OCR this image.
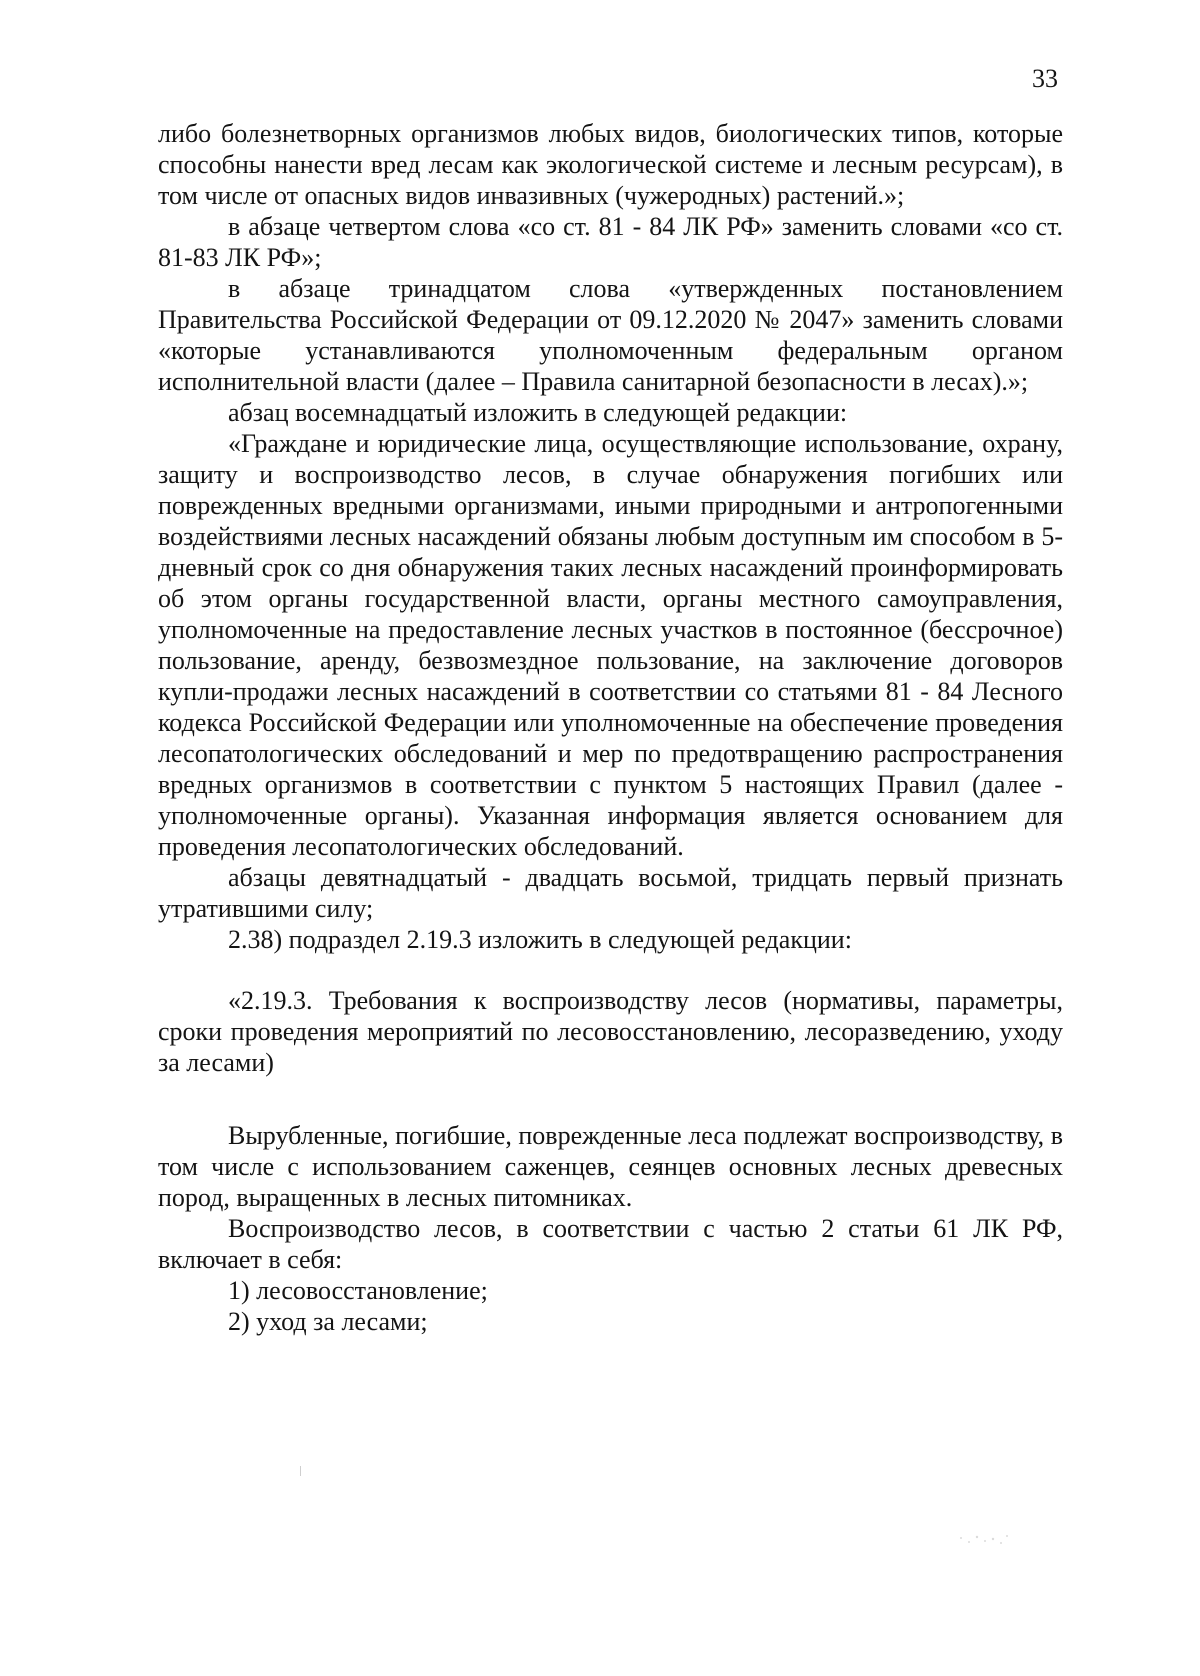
33

либо болезнетворных организмов любых видов, биологических типов, которые способны нанести вред лесам как экологической системе и лесным ресурсам), в том числе от опасных видов инвазивных (чужеродных) растений.»;

в абзаце четвертом слова «со ст. 81 - 84 ЛК РФ» заменить словами «со ст. 81-83 ЛК РФ»;

в абзаце тринадцатом слова «утвержденных постановлением Правительства Российской Федерации от 09.12.2020 № 2047» заменить словами «которые устанавливаются уполномоченным федеральным органом исполнительной власти (далее – Правила санитарной безопасности в лесах).»;

абзац восемнадцатый изложить в следующей редакции:

«Граждане и юридические лица, осуществляющие использование, охрану, защиту и воспроизводство лесов, в случае обнаружения погибших или поврежденных вредными организмами, иными природными и антропогенными воздействиями лесных насаждений обязаны любым доступным им способом в 5-дневный срок со дня обнаружения таких лесных насаждений проинформировать об этом органы государственной власти, органы местного самоуправления, уполномоченные на предоставление лесных участков в постоянное (бессрочное) пользование, аренду, безвозмездное пользование, на заключение договоров купли-продажи лесных насаждений в соответствии со статьями 81 - 84 Лесного кодекса Российской Федерации или уполномоченные на обеспечение проведения лесопатологических обследований и мер по предотвращению распространения вредных организмов в соответствии с пунктом 5 настоящих Правил (далее - уполномоченные органы). Указанная информация является основанием для проведения лесопатологических обследований.

абзацы девятнадцатый - двадцать восьмой, тридцать первый признать утратившими силу;

2.38) подраздел 2.19.3 изложить в следующей редакции:

«2.19.3. Требования к воспроизводству лесов (нормативы, параметры, сроки проведения мероприятий по лесовосстановлению, лесоразведению, уходу за лесами)

Вырубленные, погибшие, поврежденные леса подлежат воспроизводству, в том числе с использованием саженцев, сеянцев основных лесных древесных пород, выращенных в лесных питомниках.

Воспроизводство лесов, в соответствии с частью 2 статьи 61 ЛК РФ, включает в себя:

1) лесовосстановление;

2) уход за лесами;
